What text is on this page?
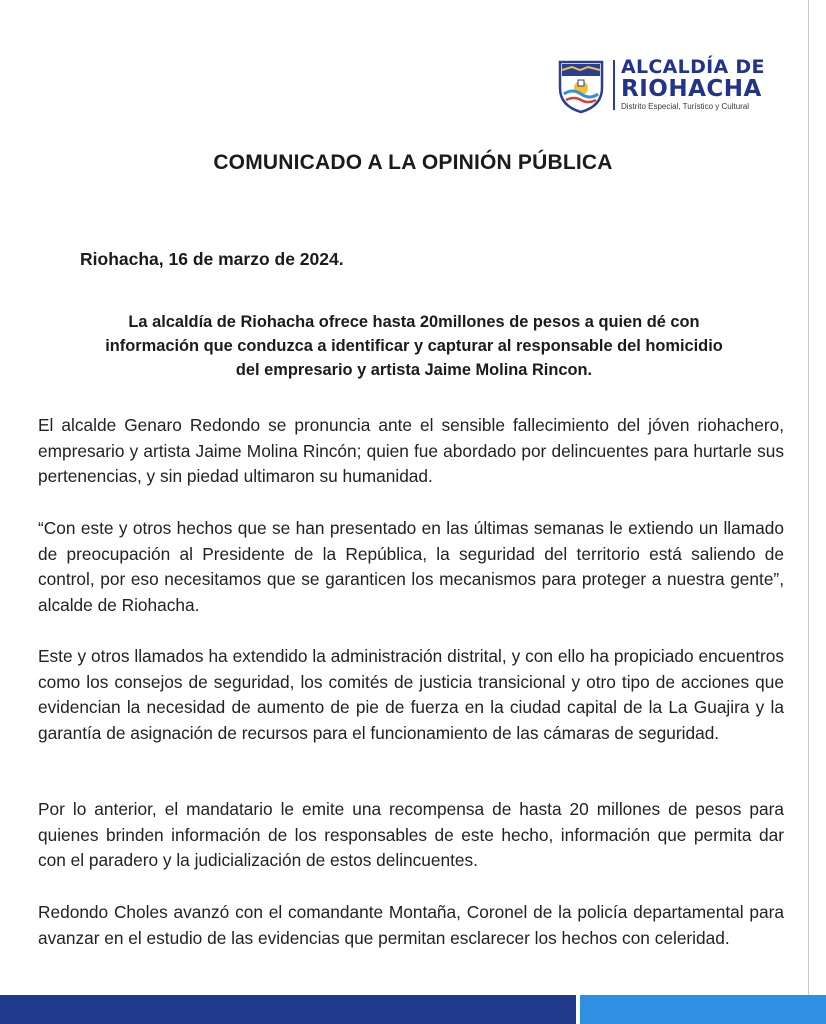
ALCALDÍA DE
RIOHACHA
Distrito Especial, Turístico y Cultural
COMUNICADO A LA OPINIÓN PÚBLICA
Riohacha, 16 de marzo de 2024.
La alcaldía de Riohacha ofrece hasta 20millones de pesos a quien dé con información que conduzca a identificar y capturar al responsable del homicidio del empresario y artista Jaime Molina Rincon.
El alcalde Genaro Redondo se pronuncia ante el sensible fallecimiento del jóven riohachero, empresario y artista Jaime Molina Rincón; quien fue abordado por delincuentes para hurtarle sus pertenencias, y sin piedad ultimaron su humanidad.
“Con este y otros hechos que se han presentado en las últimas semanas le extiendo un llamado de preocupación al Presidente de la República, la seguridad del territorio está saliendo de control, por eso necesitamos que se garanticen los mecanismos para proteger a nuestra gente”, alcalde de Riohacha.
Este y otros llamados ha extendido la administración distrital, y con ello ha propiciado encuentros como los consejos de seguridad, los comités de justicia transicional y otro tipo de acciones que evidencian la necesidad de aumento de pie de fuerza en la ciudad capital de la La Guajira y la garantía de asignación de recursos para el funcionamiento de las cámaras de seguridad.
Por lo anterior, el mandatario le emite una recompensa de hasta 20 millones de pesos para quienes brinden información de los responsables de este hecho, información que permita dar con el paradero y la judicialización de estos delincuentes.
Redondo Choles avanzó con el comandante Montaña, Coronel de la policía departamental para avanzar en el estudio de las evidencias que permitan esclarecer los hechos con celeridad.
